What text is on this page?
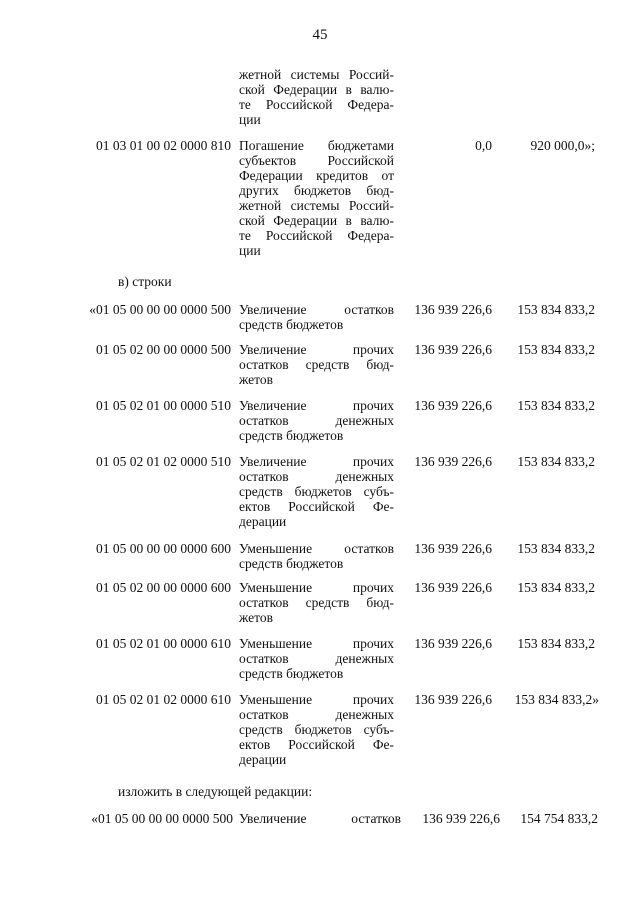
45
жетной системы Россий-
ской Федерации в валю-
те Российской Федера-
ции
01 03 01 00 02 0000 810 Погашение бюджетами
субъектов Российской
Федерации кредитов от
других бюджетов бюд-
жетной системы Россий-
ской Федерации в валю-
те Российской Федера-
ции
0,0	920 000,0»;
в) строки
«01 05 00 00 00 0000 500 Увеличение остатков
средств бюджетов
136 939 226,6 153 834 833,2
01 05 02 00 00 0000 500 Увеличение прочих
остатков средств бюд-
жетов
136 939 226,6 153 834 833,2
01 05 02 01 00 0000 510 Увеличение прочих
остатков денежных
средств бюджетов
136 939 226,6 153 834 833,2
01 05 02 01 02 0000 510 Увеличение прочих
остатков денежных
средств бюджетов субъ-
ектов Российской Фе-
дерации
136 939 226,6 153 834 833,2
01 05 00 00 00 0000 600 Уменьшение остатков
средств бюджетов
136 939 226,6 153 834 833,2
01 05 02 00 00 0000 600 Уменьшение прочих
остатков средств бюд-
жетов
136 939 226,6 153 834 833,2
01 05 02 01 00 0000 610 Уменьшение прочих
остатков денежных
средств бюджетов
136 939 226,6 153 834 833,2
01 05 02 01 02 0000 610 Уменьшение прочих
остатков денежных
средств бюджетов субъ-
ектов Российской Фе-
дерации
136 939 226,6 153 834 833,2»
изложить в следующей редакции:
«01 05 00 00 00 0000 500 Увеличение остатков 136 939 226,6 154 754 833,2
